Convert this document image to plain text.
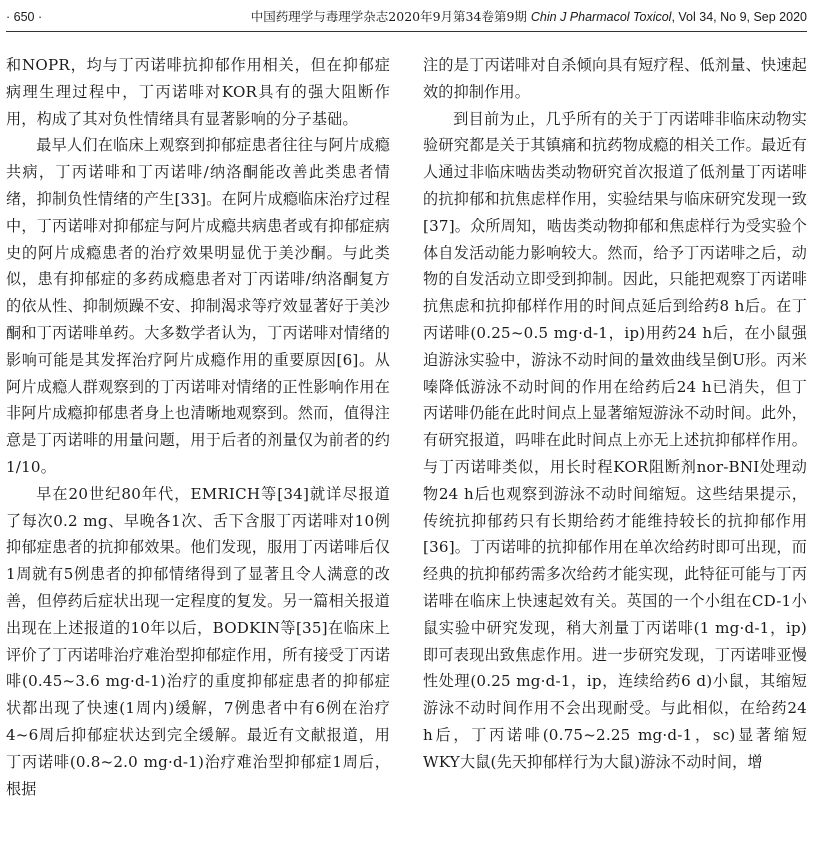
· 650 ·	中国药理学与毒理学杂志2020年9月第34卷第9期 Chin J Pharmacol Toxicol, Vol 34, No 9, Sep 2020

和NOPR，均与丁丙诺啡抗抑郁作用相关，但在抑郁症病理生理过程中，丁丙诺啡对KOR具有的强大阻断作用，构成了其对负性情绪具有显著影响的分子基础。

最早人们在临床上观察到抑郁症患者往往与阿片成瘾共病，丁丙诺啡和丁丙诺啡/纳洛酮能改善此类患者情绪，抑制负性情绪的产生[33]。在阿片成瘾临床治疗过程中，丁丙诺啡对抑郁症与阿片成瘾共病患者或有抑郁症病史的阿片成瘾患者的治疗效果明显优于美沙酮。与此类似，患有抑郁症的多药成瘾患者对丁丙诺啡/纳洛酮复方的依从性、抑制烦躁不安、抑制渴求等疗效显著好于美沙酮和丁丙诺啡单药。大多数学者认为，丁丙诺啡对情绪的影响可能是其发挥治疗阿片成瘾作用的重要原因[6]。从阿片成瘾人群观察到的丁丙诺啡对情绪的正性影响作用在非阿片成瘾抑郁患者身上也清晰地观察到。然而，值得注意是丁丙诺啡的用量问题，用于后者的剂量仅为前者的约1/10。

早在20世纪80年代，EMRICH等[34]就详尽报道了每次0.2 mg、早晚各1次、舌下含服丁丙诺啡对10例抑郁症患者的抗抑郁效果。他们发现，服用丁丙诺啡后仅1周就有5例患者的抑郁情绪得到了显著且令人满意的改善，但停药后症状出现一定程度的复发。另一篇相关报道出现在上述报道的10年以后，BODKIN等[35]在临床上评价了丁丙诺啡治疗难治型抑郁症作用，所有接受丁丙诺啡(0.45~3.6 mg·d-1)治疗的重度抑郁症患者的抑郁症状都出现了快速(1周内)缓解，7例患者中有6例在治疗4~6周后抑郁症状达到完全缓解。最近有文献报道，用丁丙诺啡(0.8~2.0 mg·d-1)治疗难治型抑郁症1周后，根据

注的是丁丙诺啡对自杀倾向具有短疗程、低剂量、快速起效的抑制作用。

到目前为止，几乎所有的关于丁丙诺啡非临床动物实验研究都是关于其镇痛和抗药物成瘾的相关工作。最近有人通过非临床啮齿类动物研究首次报道了低剂量丁丙诺啡的抗抑郁和抗焦虑样作用，实验结果与临床研究发现一致[37]。众所周知，啮齿类动物抑郁和焦虑样行为受实验个体自发活动能力影响较大。然而，给予丁丙诺啡之后，动物的自发活动立即受到抑制。因此，只能把观察丁丙诺啡抗焦虑和抗抑郁样作用的时间点延后到给药8 h后。在丁丙诺啡(0.25~0.5 mg·d-1，ip)用药24 h后，在小鼠强迫游泳实验中，游泳不动时间的量效曲线呈倒U形。丙米嗪降低游泳不动时间的作用在给药后24 h已消失，但丁丙诺啡仍能在此时间点上显著缩短游泳不动时间。此外，有研究报道，吗啡在此时间点上亦无上述抗抑郁样作用。与丁丙诺啡类似，用长时程KOR阻断剂nor-BNI处理动物24 h后也观察到游泳不动时间缩短。这些结果提示，传统抗抑郁药只有长期给药才能维持较长的抗抑郁作用[36]。丁丙诺啡的抗抑郁作用在单次给药时即可出现，而经典的抗抑郁药需多次给药才能实现，此特征可能与丁丙诺啡在临床上快速起效有关。英国的一个小组在CD-1小鼠实验中研究发现，稍大剂量丁丙诺啡(1 mg·d-1，ip)即可表现出致焦虑作用。进一步研究发现，丁丙诺啡亚慢性处理(0.25 mg·d-1，ip，连续给药6 d)小鼠，其缩短游泳不动时间作用不会出现耐受。与此相似，在给药24 h后，丁丙诺啡(0.75~2.25 mg·d-1，sc)显著缩短WKY大鼠(先天抑郁样行为大鼠)游泳不动时间，增
